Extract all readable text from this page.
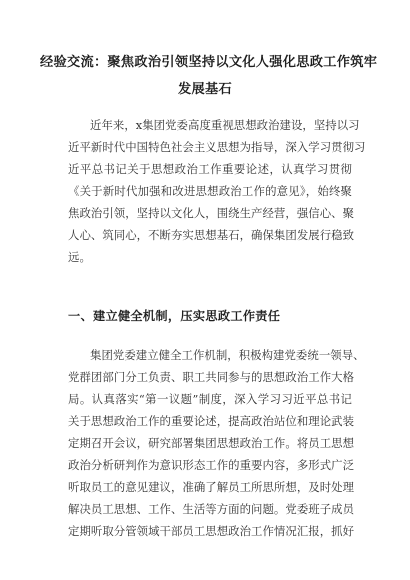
经验交流：聚焦政治引领坚持以文化人强化思政工作筑牢
发展基石
近年来，x集团党委高度重视思想政治建设，坚持以习
近平新时代中国特色社会主义思想为指导，深入学习贯彻习
近平总书记关于思想政治工作重要论述，认真学习贯彻
《关于新时代加强和改进思想政治工作的意见》，始终聚
焦政治引领，坚持以文化人，围绕生产经营，强信心、聚
人心、筑同心，不断夯实思想基石，确保集团发展行稳致
远。
一、建立健全机制，压实思政工作责任
集团党委建立健全工作机制，积极构建党委统一领导、
党群团部门分工负责、职工共同参与的思想政治工作大格
局。认真落实“第一议题”制度，深入学习习近平总书记
关于思想政治工作的重要论述，提高政治站位和理论武装
定期召开会议，研究部署集团思想政治工作。将员工思想
政治分析研判作为意识形态工作的重要内容，多形式广泛
听取员工的意见建议，准确了解员工所思所想，及时处理
解决员工思想、工作、生活等方面的问题。党委班子成员
定期听取分管领域干部员工思想政治工作情况汇报，抓好
